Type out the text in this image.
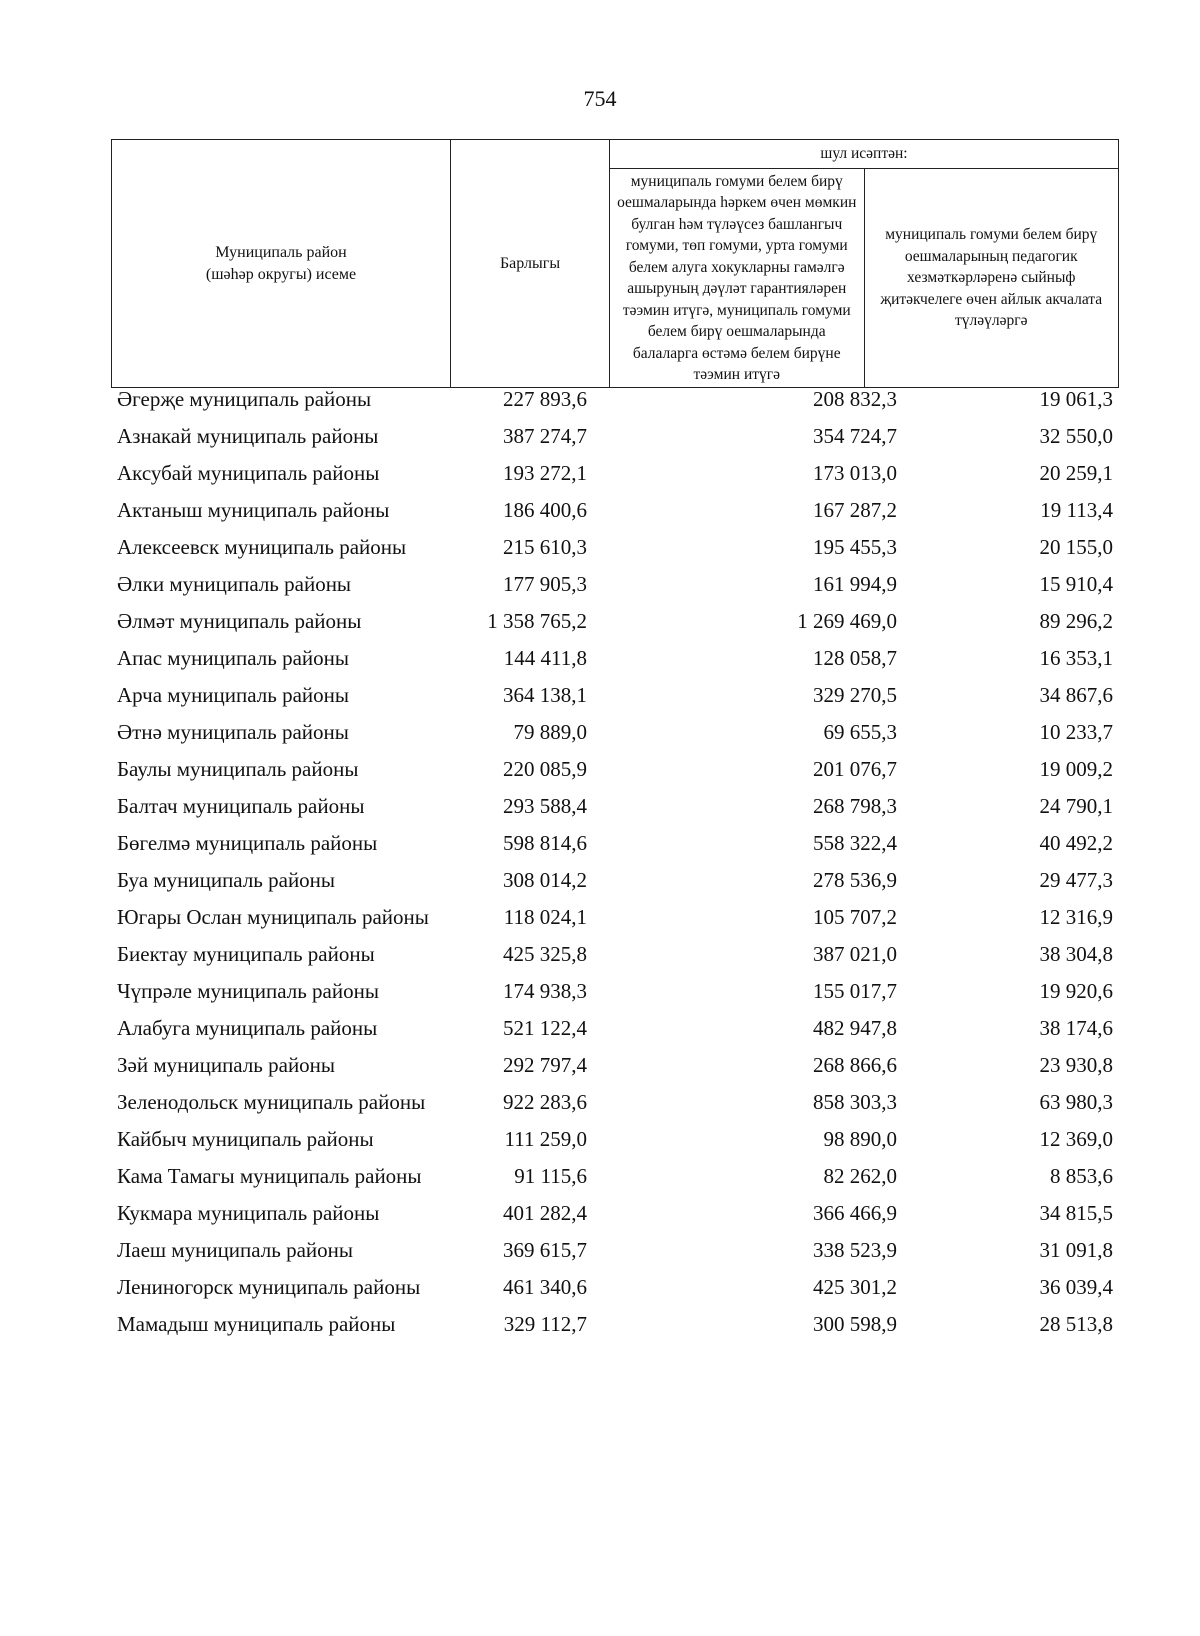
754
Муниципаль район
(шәһәр округы) исеме	Барлыгы	шул исәптән:	
		муниципаль гомуми белем бирү оешмаларында һәркем өчен мөмкин булган һәм түләүсез башлангыч гомуми, төп гомуми, урта гомуми белем алуга хокукларны гамәлгә ашыруның дәүләт гарантияләрен тәэмин итүгә, муниципаль гомуми белем бирү оешмаларында балаларга өстәмә белем бирүне тәэмин итүгә	муниципаль гомуми белем бирү оешмаларының педагогик хезмәткәрләренә сыйныф җитәкчелеге өчен айлык акчалата түләүләргә
Әгерҗе муниципаль районы	227 893,6	208 832,3	19 061,3
Азнакай муниципаль районы	387 274,7	354 724,7	32 550,0
Аксубай муниципаль районы	193 272,1	173 013,0	20 259,1
Актаныш муниципаль районы	186 400,6	167 287,2	19 113,4
Алексеевск муниципаль районы	215 610,3	195 455,3	20 155,0
Әлки муниципаль районы	177 905,3	161 994,9	15 910,4
Әлмәт муниципаль районы	1 358 765,2	1 269 469,0	89 296,2
Апас муниципаль районы	144 411,8	128 058,7	16 353,1
Арча муниципаль районы	364 138,1	329 270,5	34 867,6
Әтнә муниципаль районы	79 889,0	69 655,3	10 233,7
Баулы муниципаль районы	220 085,9	201 076,7	19 009,2
Балтач муниципаль районы	293 588,4	268 798,3	24 790,1
Бөгелмә муниципаль районы	598 814,6	558 322,4	40 492,2
Буа муниципаль районы	308 014,2	278 536,9	29 477,3
Югары Ослан муниципаль районы	118 024,1	105 707,2	12 316,9
Биектау муниципаль районы	425 325,8	387 021,0	38 304,8
Чүпрәле муниципаль районы	174 938,3	155 017,7	19 920,6
Алабуга муниципаль районы	521 122,4	482 947,8	38 174,6
Зәй муниципаль районы	292 797,4	268 866,6	23 930,8
Зеленодольск муниципаль районы	922 283,6	858 303,3	63 980,3
Кайбыч муниципаль районы	111 259,0	98 890,0	12 369,0
Кама Тамагы муниципаль районы	91 115,6	82 262,0	8 853,6
Кукмара муниципаль районы	401 282,4	366 466,9	34 815,5
Лаеш муниципаль районы	369 615,7	338 523,9	31 091,8
Лениногорск муниципаль районы	461 340,6	425 301,2	36 039,4
Мамадыш муниципаль районы	329 112,7	300 598,9	28 513,8
